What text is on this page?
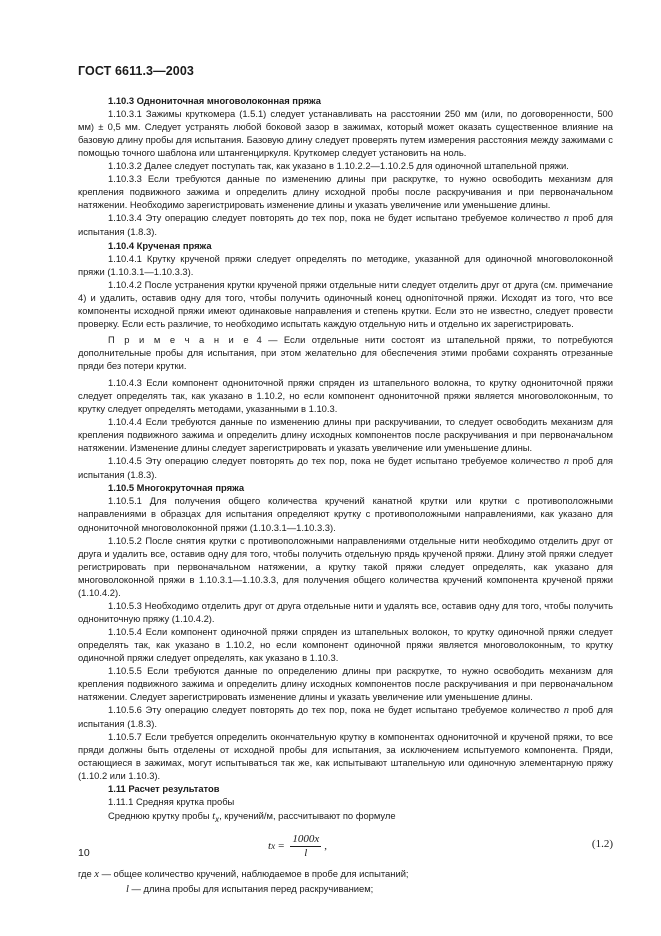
ГОСТ 6611.3—2003

1.10.3 Однониточная многоволоконная пряжа

1.10.3.1 Зажимы круткомера (1.5.1) следует устанавливать на расстоянии 250 мм (или, по договоренности, 500 мм) ± 0,5 мм. Следует устранять любой боковой зазор в зажимах, который может оказать существенное влияние на базовую длину пробы для испытания. Базовую длину следует проверять путем измерения расстояния между зажимами с помощью точного шаблона или штангенциркуля. Круткомер следует установить на ноль.

1.10.3.2 Далее следует поступать так, как указано в 1.10.2.2—1.10.2.5 для одиночной штапельной пряжи.

1.10.3.3 Если требуются данные по изменению длины при раскрутке, то нужно освободить механизм для крепления подвижного зажима и определить длину исходной пробы после раскручивания и при первоначальном натяжении. Необходимо зарегистрировать изменение длины и указать увеличение или уменьшение длины.

1.10.3.4 Эту операцию следует повторять до тех пор, пока не будет испытано требуемое количество n проб для испытания (1.8.3).

1.10.4 Крученая пряжа

1.10.4.1 Крутку крученой пряжи следует определять по методике, указанной для одиночной многоволоконной пряжи (1.10.3.1—1.10.3.3).

1.10.4.2 После устранения крутки крученой пряжи отдельные нити следует отделить друг от друга (см. примечание 4) и удалить, оставив одну для того, чтобы получить одиночный конец одноniточной пряжи. Исходят из того, что все компоненты исходной пряжи имеют одинаковые направления и степень крутки. Если это не известно, следует провести проверку. Если есть различие, то необходимо испытать каждую отдельную нить и отдельно их зарегистрировать.

П р и м е ч а н и е 4 — Если отдельные нити состоят из штапельной пряжи, то потребуются дополнительные пробы для испытания, при этом желательно для обеспечения этими пробами сохранять отрезанные пряди без потери крутки.

1.10.4.3 Если компонент однониточной пряжи спряден из штапельного волокна, то крутку однониточной пряжи следует определять так, как указано в 1.10.2, но если компонент однониточной пряжи является многоволоконным, то крутку следует определять методами, указанными в 1.10.3.

1.10.4.4 Если требуются данные по изменению длины при раскручивании, то следует освободить механизм для крепления подвижного зажима и определить длину исходных компонентов после раскручивания и при первоначальном натяжении. Изменение длины следует зарегистрировать и указать увеличение или уменьшение длины.

1.10.4.5 Эту операцию следует повторять до тех пор, пока не будет испытано требуемое количество n проб для испытания (1.8.3).

1.10.5 Многокруточная пряжа

1.10.5.1 Для получения общего количества кручений канатной крутки или крутки с противоположными направлениями в образцах для испытания определяют крутку с противоположными направлениями, как указано для однониточной многоволоконной пряжи (1.10.3.1—1.10.3.3).

1.10.5.2 После снятия крутки с противоположными направлениями отдельные нити необходимо отделить друг от друга и удалить все, оставив одну для того, чтобы получить отдельную прядь крученой пряжи. Длину этой пряжи следует регистрировать при первоначальном натяжении, а крутку такой пряжи следует определять, как указано для многоволоконной пряжи в 1.10.3.1—1.10.3.3, для получения общего количества кручений компонента крученой пряжи (1.10.4.2).

1.10.5.3 Необходимо отделить друг от друга отдельные нити и удалять все, оставив одну для того, чтобы получить однониточную пряжу (1.10.4.2).

1.10.5.4 Если компонент одиночной пряжи спряден из штапельных волокон, то крутку одиночной пряжи следует определять так, как указано в 1.10.2, но если компонент одиночной пряжи является многоволоконным, то крутку одиночной пряжи следует определять, как указано в 1.10.3.

1.10.5.5 Если требуются данные по определению длины при раскрутке, то нужно освободить механизм для крепления подвижного зажима и определить длину исходных компонентов после раскручивания и при первоначальном натяжении. Следует зарегистрировать изменение длины и указать увеличение или уменьшение длины.

1.10.5.6 Эту операцию следует повторять до тех пор, пока не будет испытано требуемое количество n проб для испытания (1.8.3).

1.10.5.7 Если требуется определить окончательную крутку в компонентах однониточной и крученой пряжи, то все пряди должны быть отделены от исходной пробы для испытания, за исключением испытуемого компонента. Пряди, остающиеся в зажимах, могут испытываться так же, как испытывают штапельную или одиночную элементарную пряжу (1.10.2 или 1.10.3).

1.11 Расчет результатов

1.11.1 Средняя крутка пробы

Среднюю крутку пробы $t_x$, кручений/м, рассчитывают по формуле

t $x = \frac{1000x}{l}$ ,	(1.2)

где x — общее количество кручений, наблюдаемое в пробе для испытаний;

l — длина пробы для испытания перед раскручиванием;

10
